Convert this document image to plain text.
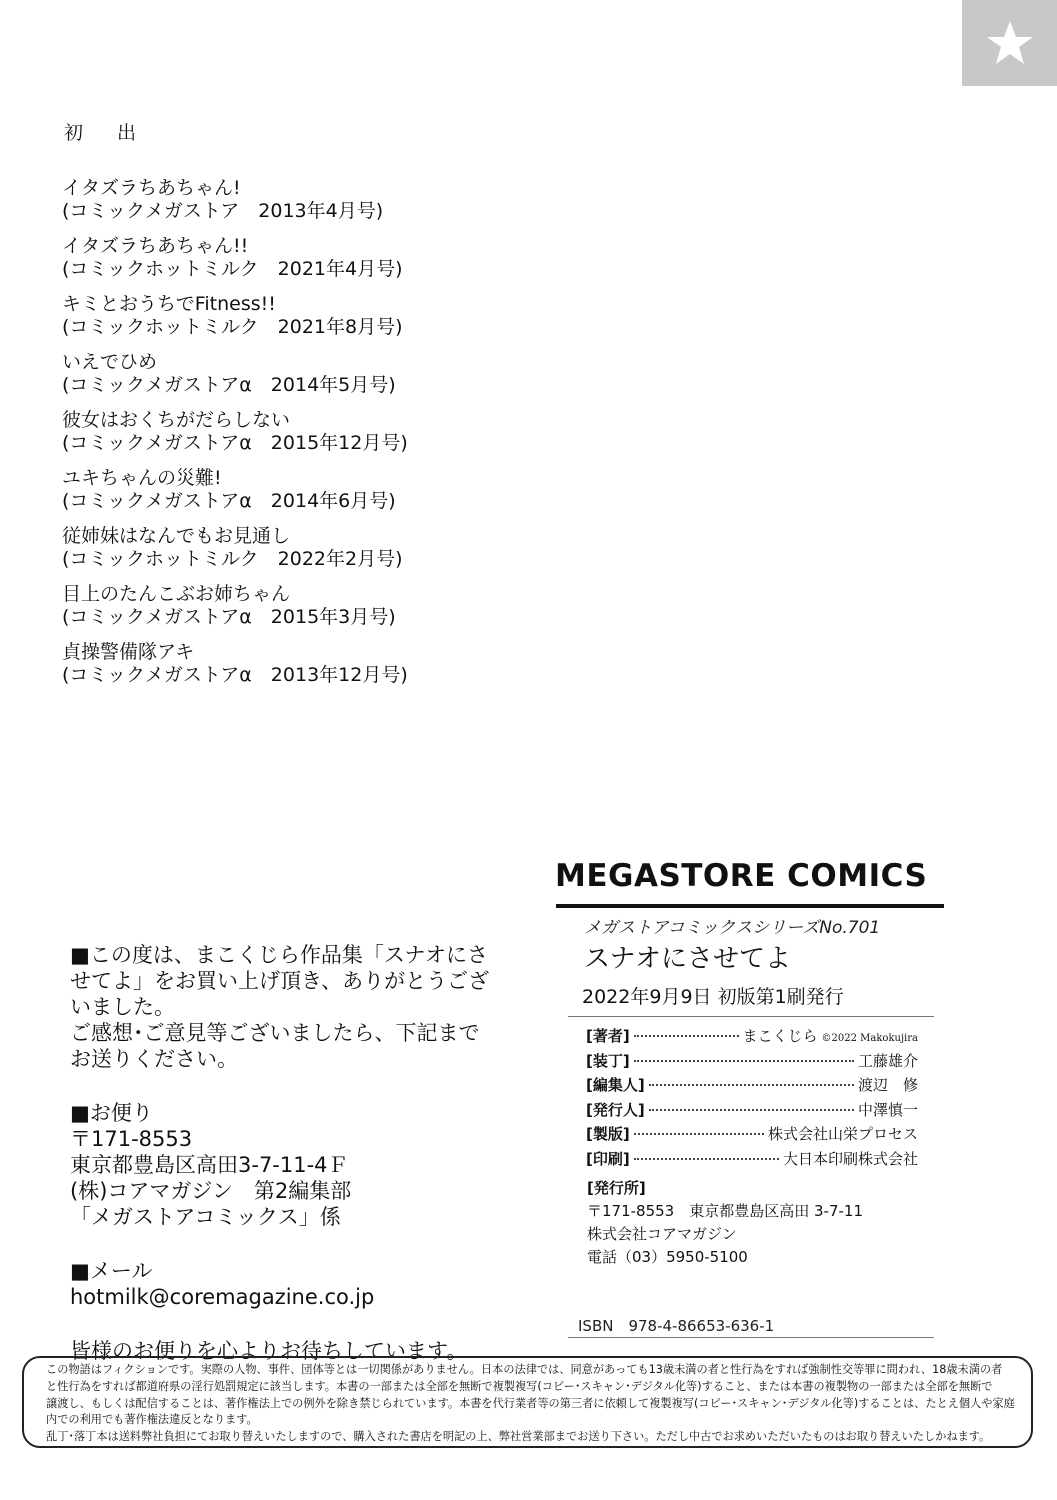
初 出
イタズラちあちゃん!
(コミックメガストア　2013年4月号)
イタズラちあちゃん!!
(コミックホットミルク　2021年4月号)
キミとおうちでFitness!!
(コミックホットミルク　2021年8月号)
いえでひめ
(コミックメガストアα　2014年5月号)
彼女はおくちがだらしない
(コミックメガストアα　2015年12月号)
ユキちゃんの災難!
(コミックメガストアα　2014年6月号)
従姉妹はなんでもお見通し
(コミックホットミルク　2022年2月号)
目上のたんこぶお姉ちゃん
(コミックメガストアα　2015年3月号)
貞操警備隊アキ
(コミックメガストアα　2013年12月号)
■この度は、まこくじら作品集「スナオにさ
せてよ」をお買い上げ頂き、ありがとうござ
いました。
ご感想･ご意見等ございましたら、下記まで
お送りください。
■お便り
〒171-8553
東京都豊島区高田3-7-11-4Ｆ
(株)コアマガジン　第2編集部
「メガストアコミックス」係
■メール
hotmilk@coremagazine.co.jp
皆様のお便りを心よりお待ちしています。
MEGASTORE COMICS
メガストアコミックスシリーズNo.701
スナオにさせてよ
2022年9月9日 初版第1刷発行
[著者]	まこくじら ©2022 Makokujira
[装丁]	工藤雄介
[編集人]	渡辺　修
[発行人]	中澤慎一
[製版]	株式会社山栄プロセス
[印刷]	大日本印刷株式会社
[発行所]
〒171-8553　東京都豊島区高田 3-7-11
株式会社コアマガジン
電話（03）5950-5100
ISBN　978-4-86653-636-1
この物語はフィクションです。実際の人物、事件、団体等とは一切関係がありません。日本の法律では、同意があっても13歳未満の者と性行為をすれば強制性交等罪に問われ、18歳未満の者
と性行為をすれば都道府県の淫行処罰規定に該当します。本書の一部または全部を無断で複製複写(コピー･スキャン･デジタル化等)すること、または本書の複製物の一部または全部を無断で
譲渡し、もしくは配信することは、著作権法上での例外を除き禁じられています。本書を代行業者等の第三者に依頼して複製複写(コピー･スキャン･デジタル化等)することは、たとえ個人や家庭
内での利用でも著作権法違反となります。
乱丁･落丁本は送料弊社負担にてお取り替えいたしますので、購入された書店を明記の上、弊社営業部までお送り下さい。ただし中古でお求めいただいたものはお取り替えいたしかねます。
